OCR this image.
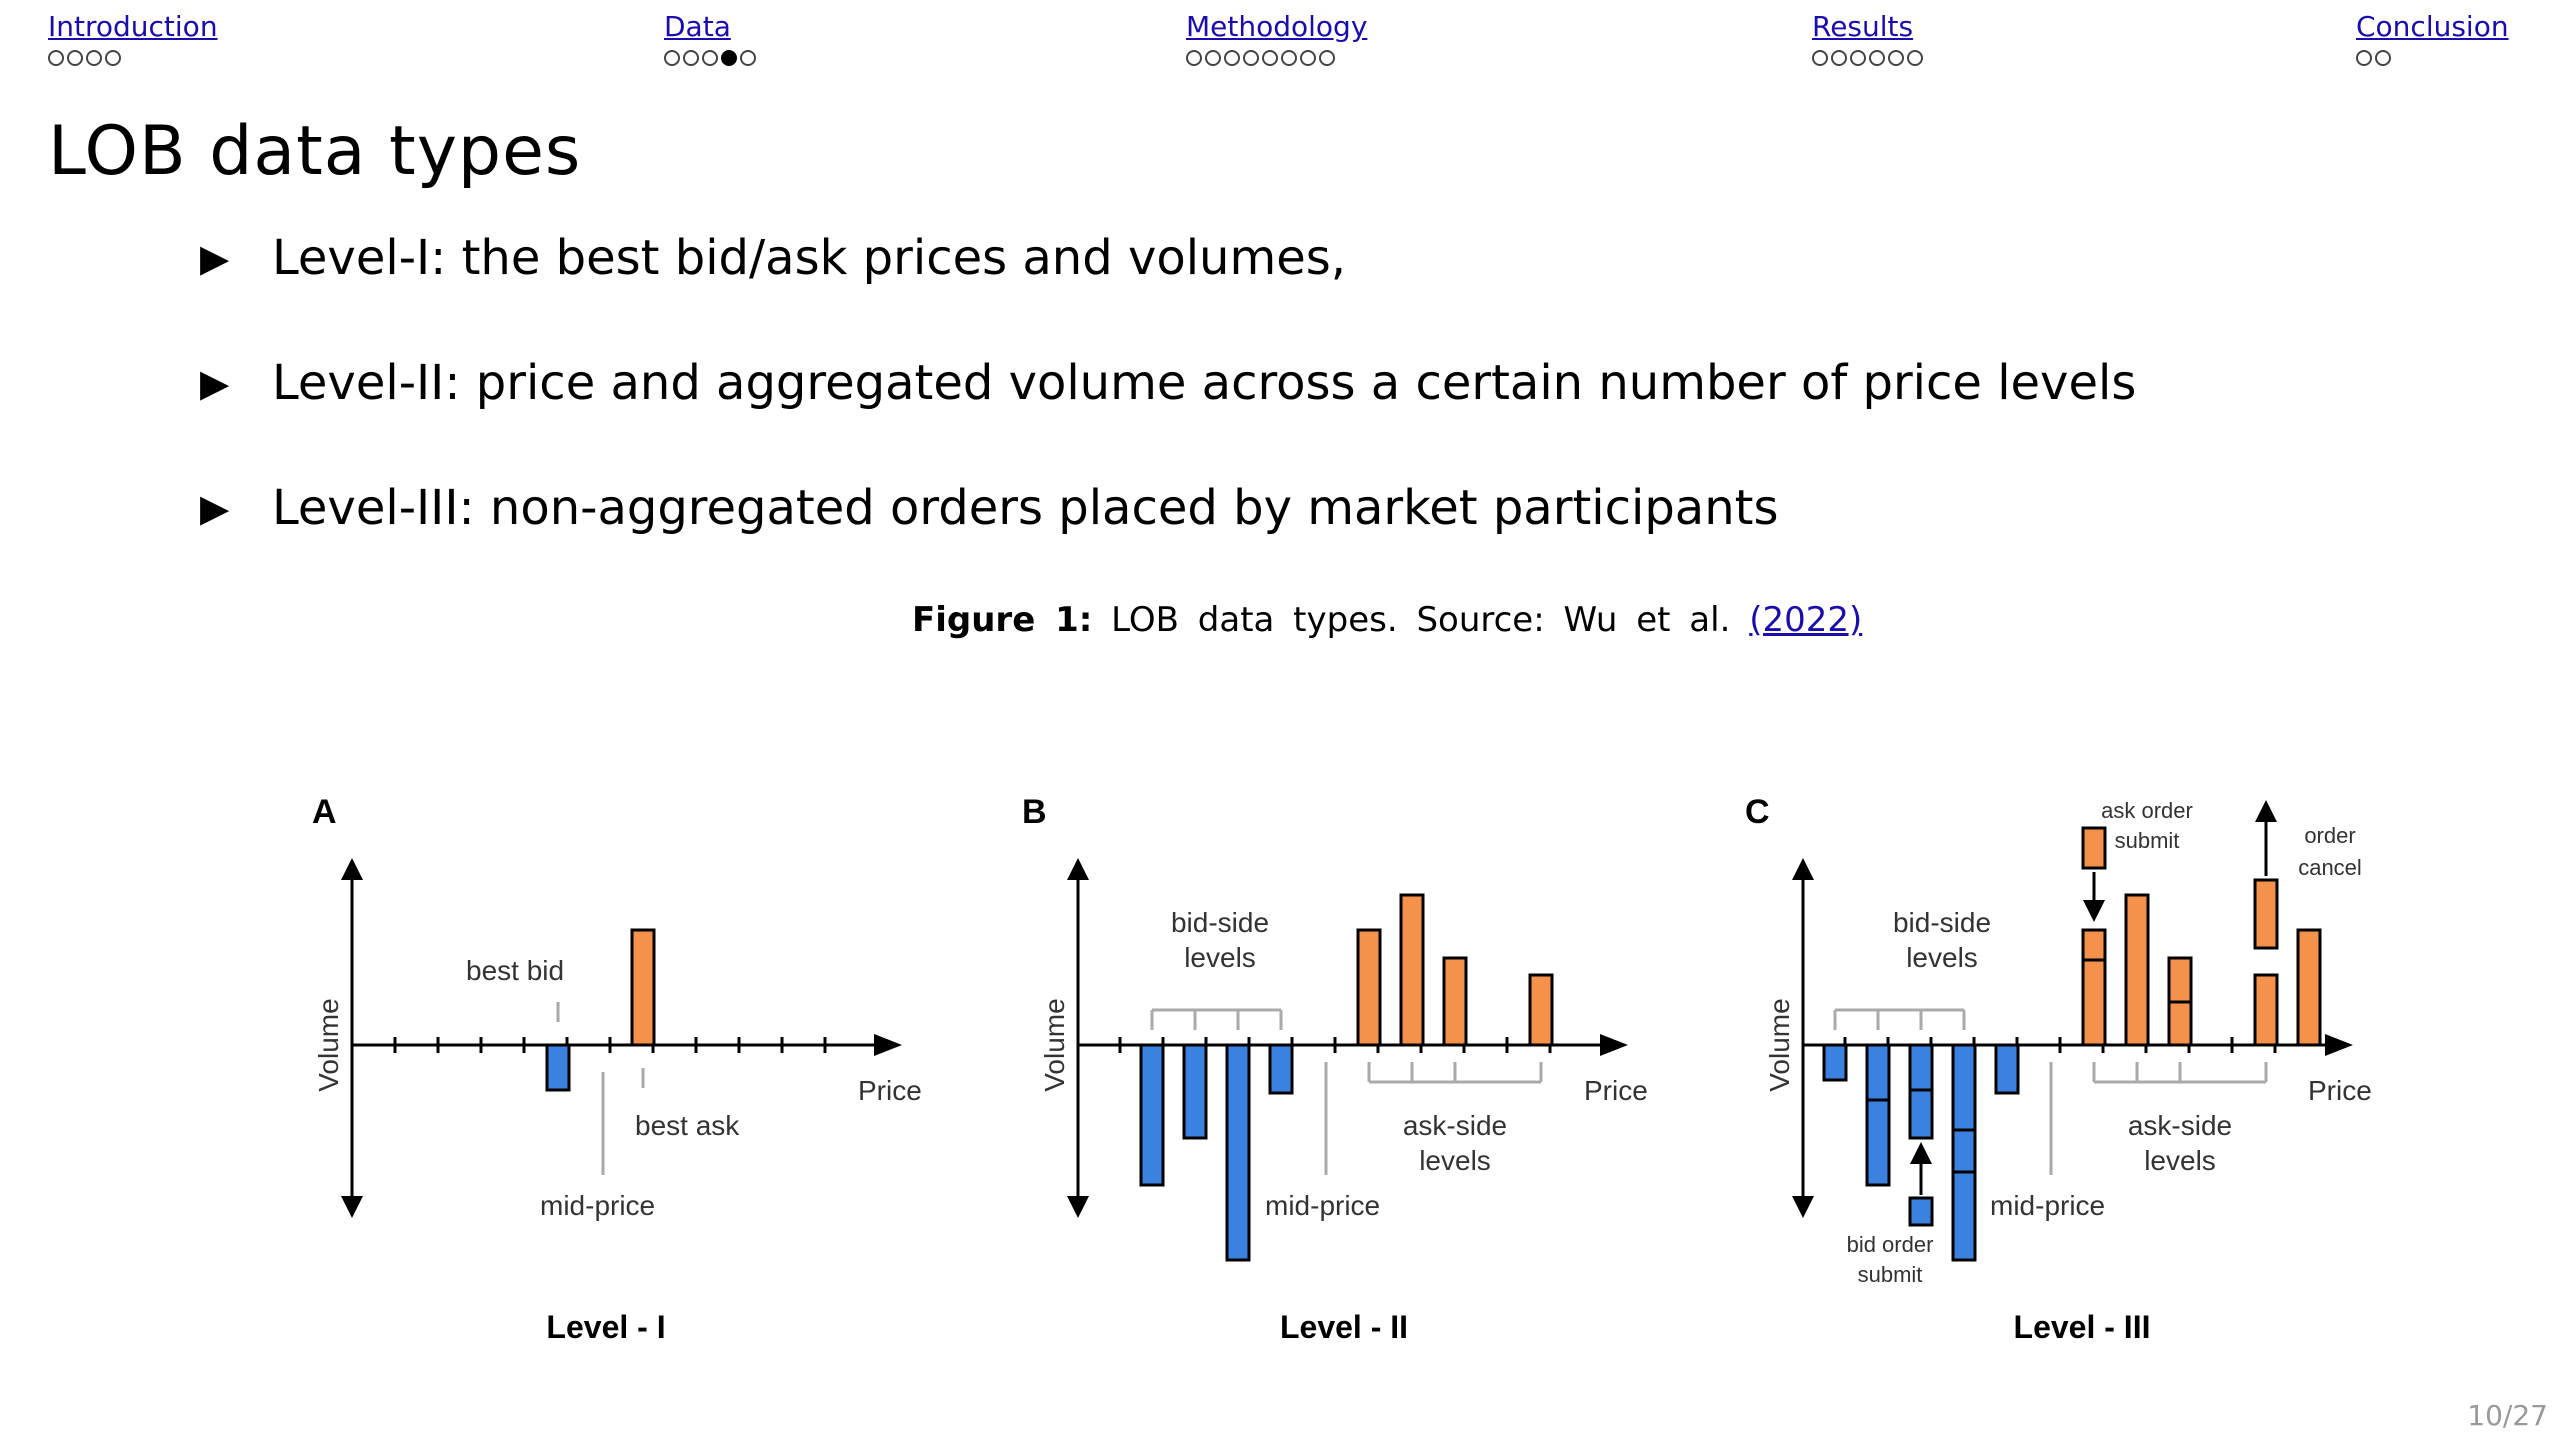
Introduction	Data	Methodology	Results	Conclusion
LOB data types
▶ Level-I: the best bid/ask prices and volumes,
▶ Level-II: price and aggregated volume across a certain number of price levels
▶ Level-III: non-aggregated orders placed by market participants
Figure 1: LOB data types. Source: Wu et al. (2022)
Volume
A
best bid
best ask
mid-price
Price
Level - I
Volume
B
bid-side
levels
ask-side
levels
mid-price
Price
Level - II
Volume
C
bid-side
levels
ask-side
levels
mid-price
Price
ask order
submit	order
cancel
bid order
submit
Level - III
10/27
